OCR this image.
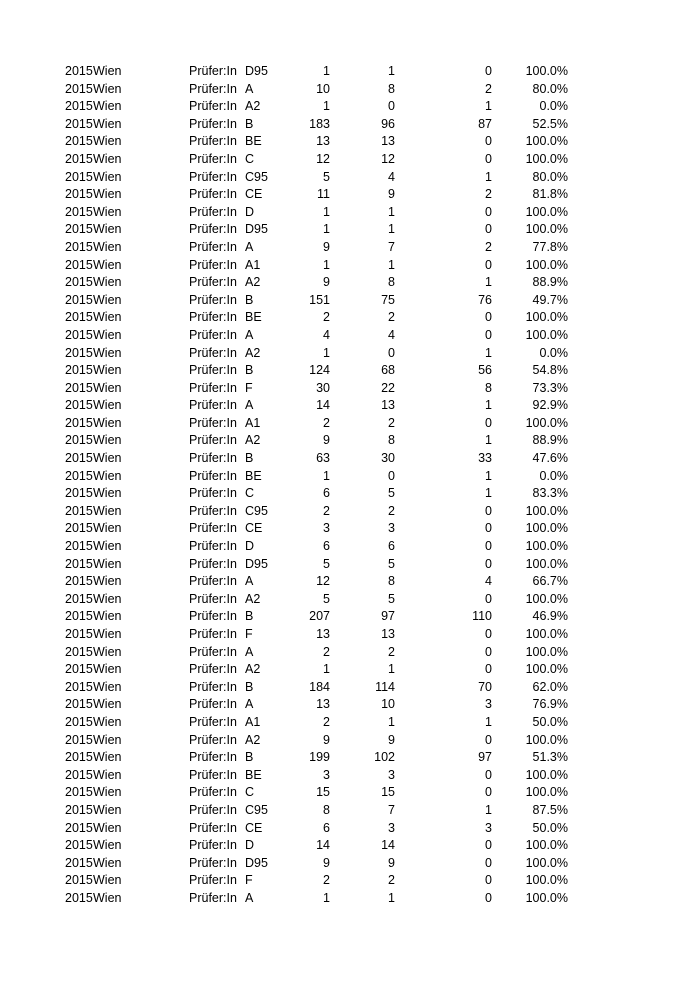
2015 Wien	Prüfer:In D95	1	1	0	100.0%
2015 Wien	Prüfer:In A	10	8	2	80.0%
2015 Wien	Prüfer:In A2	1	0	1	0.0%
2015 Wien	Prüfer:In B	183	96	87	52.5%
2015 Wien	Prüfer:In BE	13	13	0	100.0%
2015 Wien	Prüfer:In C	12	12	0	100.0%
2015 Wien	Prüfer:In C95	5	4	1	80.0%
2015 Wien	Prüfer:In CE	11	9	2	81.8%
2015 Wien	Prüfer:In D	1	1	0	100.0%
2015 Wien	Prüfer:In D95	1	1	0	100.0%
2015 Wien	Prüfer:In A	9	7	2	77.8%
2015 Wien	Prüfer:In A1	1	1	0	100.0%
2015 Wien	Prüfer:In A2	9	8	1	88.9%
2015 Wien	Prüfer:In B	151	75	76	49.7%
2015 Wien	Prüfer:In BE	2	2	0	100.0%
2015 Wien	Prüfer:In A	4	4	0	100.0%
2015 Wien	Prüfer:In A2	1	0	1	0.0%
2015 Wien	Prüfer:In B	124	68	56	54.8%
2015 Wien	Prüfer:In F	30	22	8	73.3%
2015 Wien	Prüfer:In A	14	13	1	92.9%
2015 Wien	Prüfer:In A1	2	2	0	100.0%
2015 Wien	Prüfer:In A2	9	8	1	88.9%
2015 Wien	Prüfer:In B	63	30	33	47.6%
2015 Wien	Prüfer:In BE	1	0	1	0.0%
2015 Wien	Prüfer:In C	6	5	1	83.3%
2015 Wien	Prüfer:In C95	2	2	0	100.0%
2015 Wien	Prüfer:In CE	3	3	0	100.0%
2015 Wien	Prüfer:In D	6	6	0	100.0%
2015 Wien	Prüfer:In D95	5	5	0	100.0%
2015 Wien	Prüfer:In A	12	8	4	66.7%
2015 Wien	Prüfer:In A2	5	5	0	100.0%
2015 Wien	Prüfer:In B	207	97	110	46.9%
2015 Wien	Prüfer:In F	13	13	0	100.0%
2015 Wien	Prüfer:In A	2	2	0	100.0%
2015 Wien	Prüfer:In A2	1	1	0	100.0%
2015 Wien	Prüfer:In B	184	114	70	62.0%
2015 Wien	Prüfer:In A	13	10	3	76.9%
2015 Wien	Prüfer:In A1	2	1	1	50.0%
2015 Wien	Prüfer:In A2	9	9	0	100.0%
2015 Wien	Prüfer:In B	199	102	97	51.3%
2015 Wien	Prüfer:In BE	3	3	0	100.0%
2015 Wien	Prüfer:In C	15	15	0	100.0%
2015 Wien	Prüfer:In C95	8	7	1	87.5%
2015 Wien	Prüfer:In CE	6	3	3	50.0%
2015 Wien	Prüfer:In D	14	14	0	100.0%
2015 Wien	Prüfer:In D95	9	9	0	100.0%
2015 Wien	Prüfer:In F	2	2	0	100.0%
2015 Wien	Prüfer:In A	1	1	0	100.0%
